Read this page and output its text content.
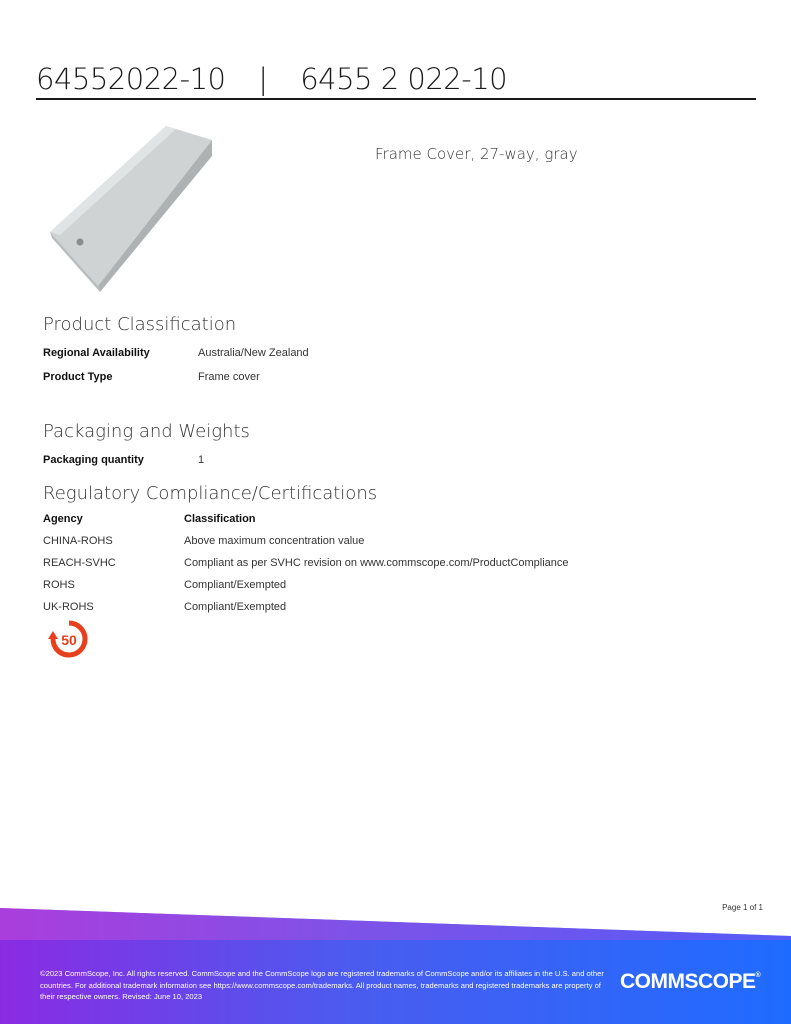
64552022-10 | 6455 2 022-10
Frame Cover, 27-way, gray
Product Classification
Regional Availability	Australia/New Zealand
Product Type	Frame cover
Packaging and Weights
Packaging quantity	1
Regulatory Compliance/Certifications
Agency	Classification
CHINA-ROHS	Above maximum concentration value
REACH-SVHC	Compliant as per SVHC revision on www.commscope.com/ProductCompliance
ROHS	Compliant/Exempted
UK-ROHS	Compliant/Exempted
50
Page 1 of 1
©2023 CommScope, Inc. All rights reserved. CommScope and the CommScope logo are registered trademarks of CommScope and/or its affiliates in the U.S. and other countries. For additional trademark information see https://www.commscope.com/trademarks. All product names, trademarks and registered trademarks are property of their respective owners. Revised: June 10, 2023
COMMSCOPE®
